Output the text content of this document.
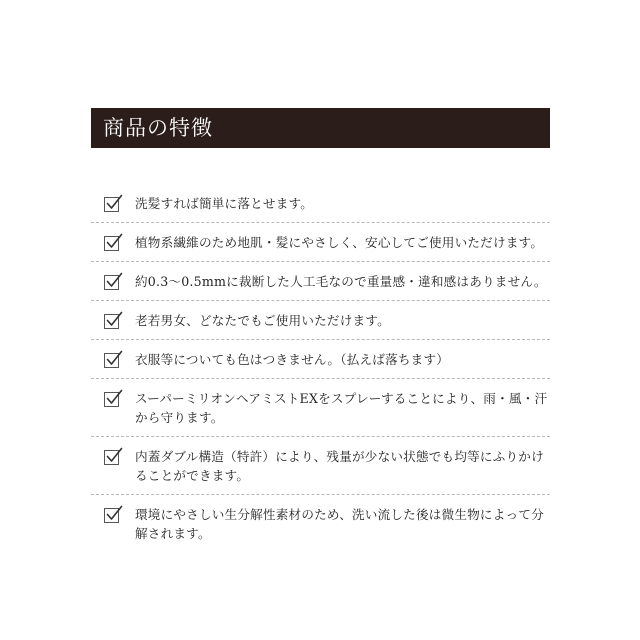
商品の特徴
洗髪すれば簡単に落とせます。
植物系繊維のため地肌・髪にやさしく、安心してご使用いただけます。
約0.3～0.5mmに裁断した人工毛なので重量感・違和感はありません。
老若男女、どなたでもご使用いただけます。
衣服等についても色はつきません。（払えば落ちます）
スーパーミリオンヘアミストEXをスプレーすることにより、雨・風・汗から守ります。
内蓋ダブル構造（特許）により、残量が少ない状態でも均等にふりかけることができます。
環境にやさしい生分解性素材のため、洗い流した後は微生物によって分解されます。
